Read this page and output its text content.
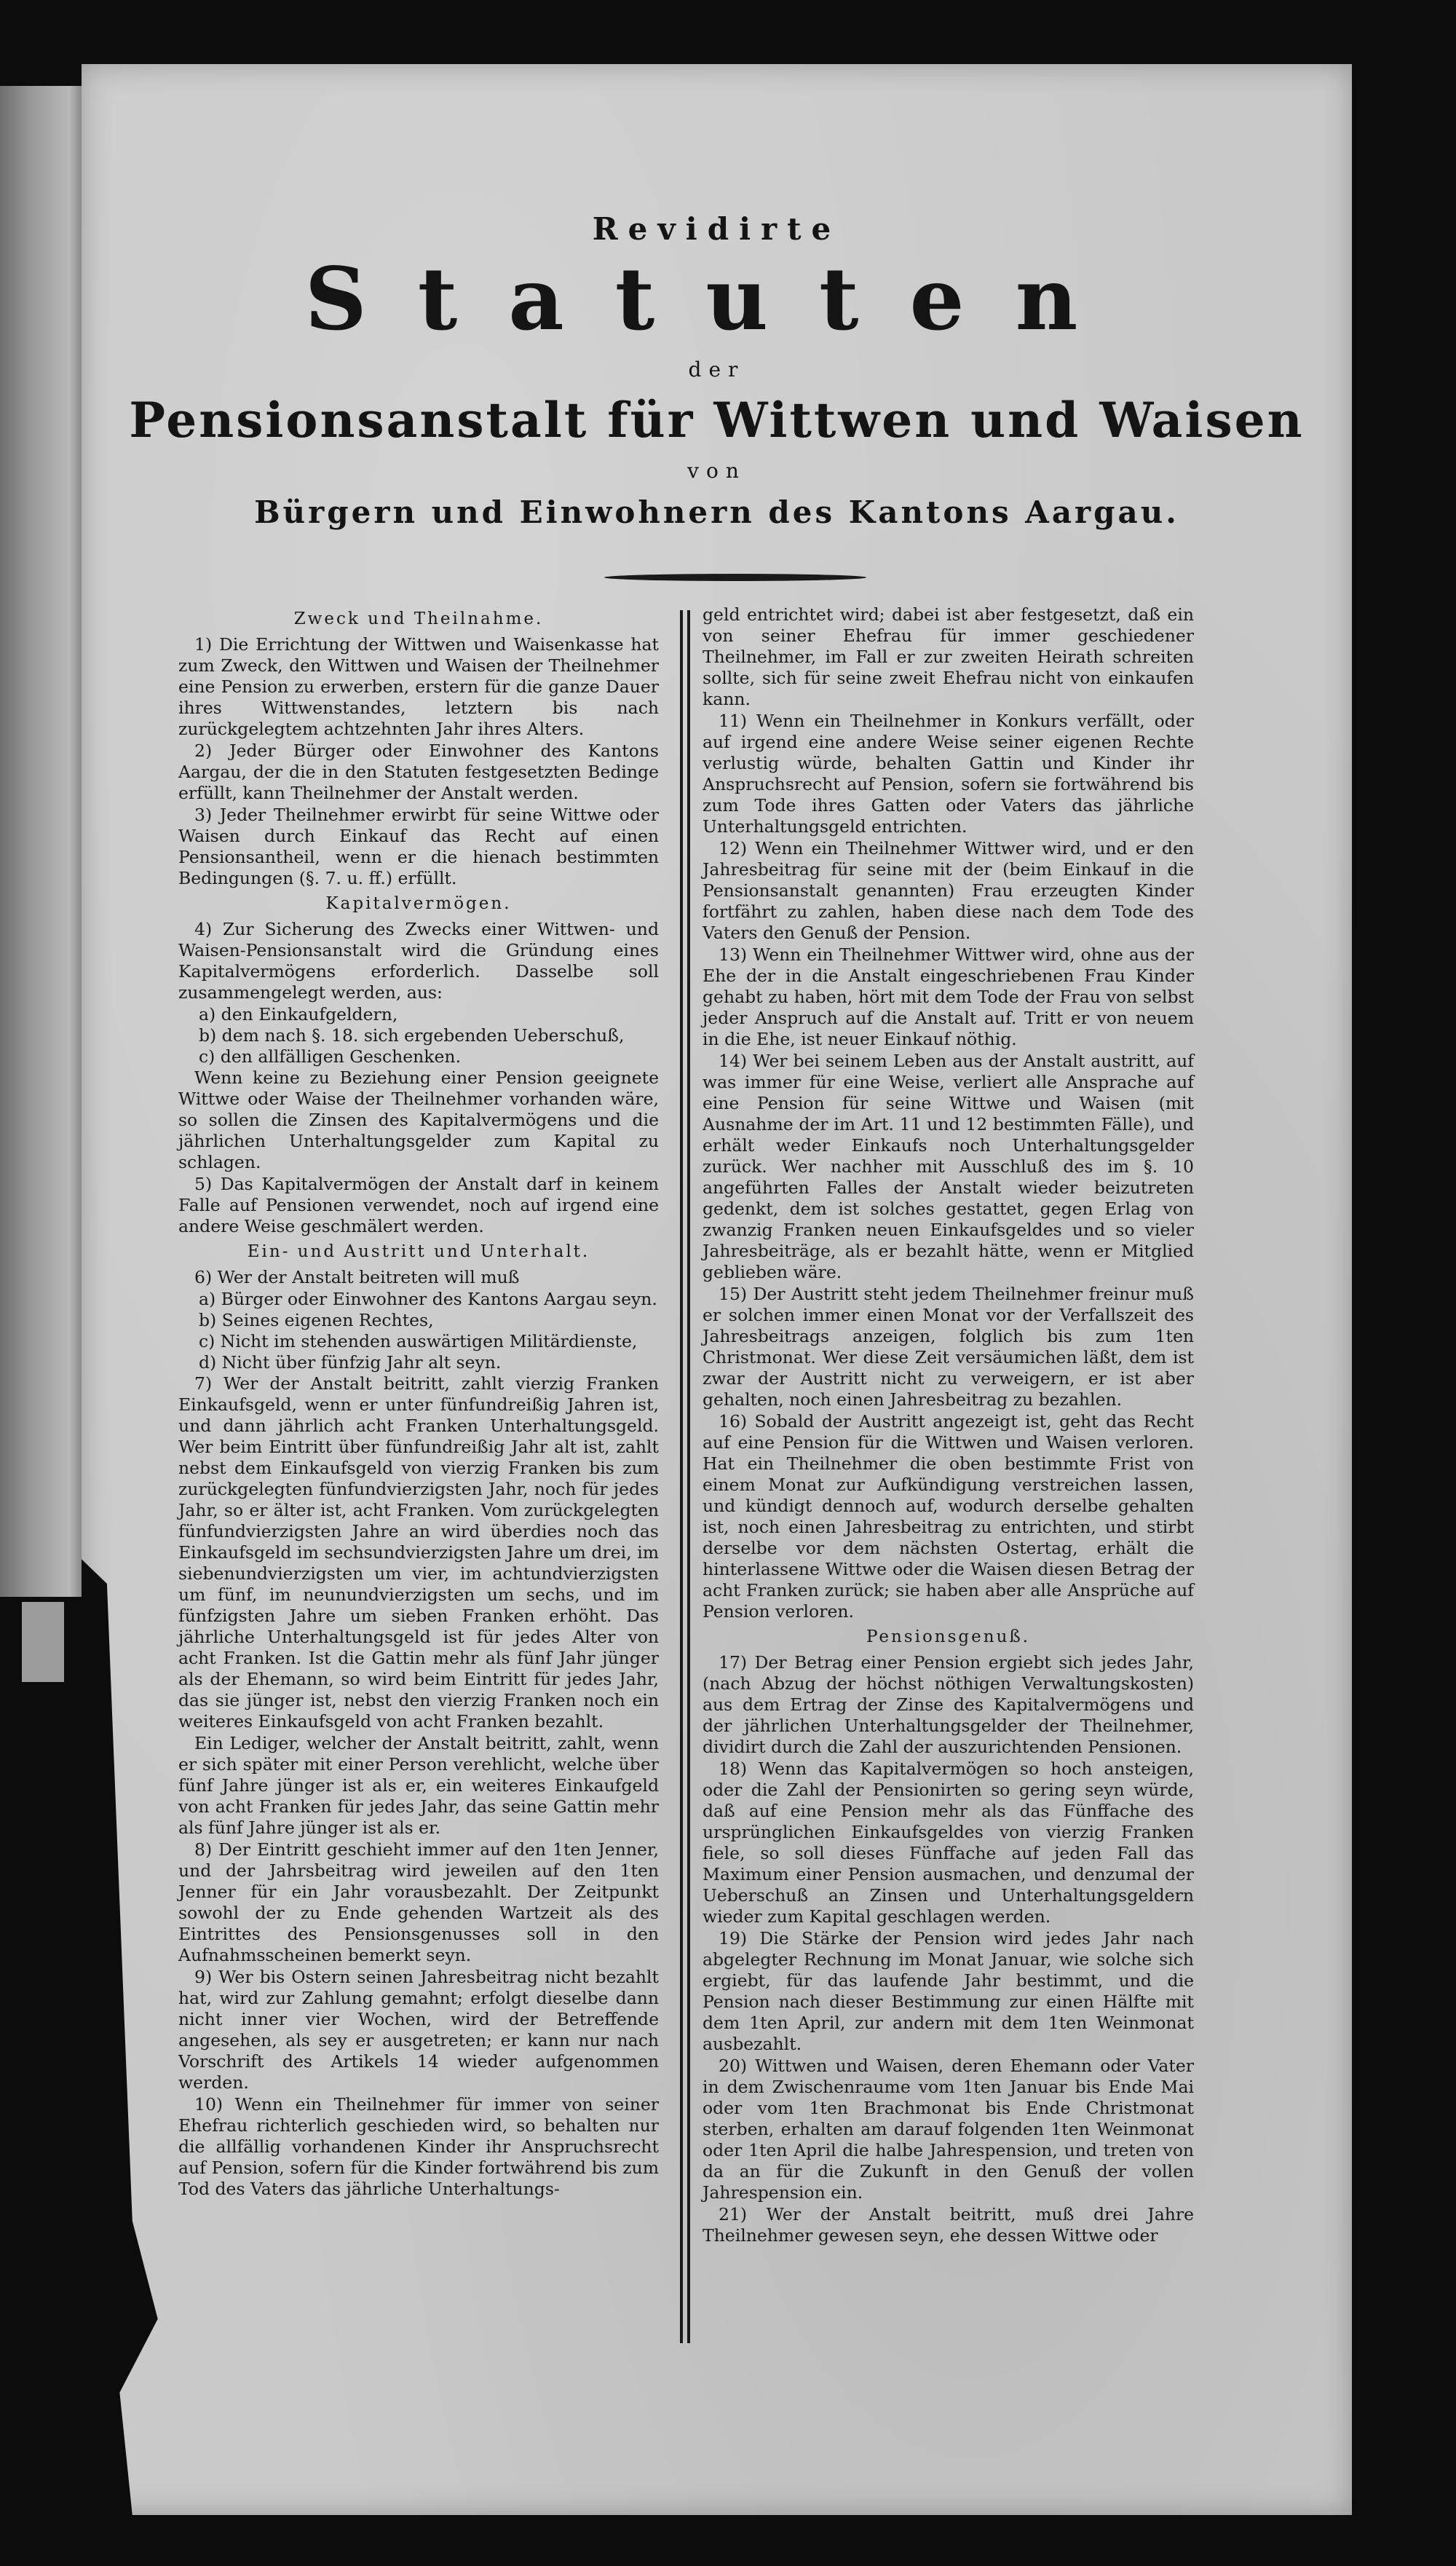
Revidirte
Statuten
der
Pensionsanstalt für Wittwen und Waisen
von
Bürgern und Einwohnern des Kantons Aargau.
Zweck und Theilnahme.

1) Die Errichtung der Wittwen und Waisenkasse hat zum Zweck, den Wittwen und Waisen der Theilnehmer eine Pension zu erwerben, erstern für die ganze Dauer ihres Wittwenstandes, letztern bis nach zurückgelegtem achtzehnten Jahr ihres Alters.

2) Jeder Bürger oder Einwohner des Kantons Aargau, der die in den Statuten festgesetzten Bedinge erfüllt, kann Theilnehmer der Anstalt werden.

3) Jeder Theilnehmer erwirbt für seine Wittwe oder Waisen durch Einkauf das Recht auf einen Pensionsantheil, wenn er die hienach bestimmten Bedingungen (§. 7. u. ff.) erfüllt.

Kapitalvermögen.

4) Zur Sicherung des Zwecks einer Wittwen- und Waisen-Pensionsanstalt wird die Gründung eines Kapitalvermögens erforderlich. Dasselbe soll zusammengelegt werden, aus:

a) den Einkaufgeldern,

b) dem nach §. 18. sich ergebenden Ueberschuß,

c) den allfälligen Geschenken.

Wenn keine zu Beziehung einer Pension geeignete Wittwe oder Waise der Theilnehmer vorhanden wäre, so sollen die Zinsen des Kapitalvermögens und die jährlichen Unterhaltungsgelder zum Kapital zu schlagen.

5) Das Kapitalvermögen der Anstalt darf in keinem Falle auf Pensionen verwendet, noch auf irgend eine andere Weise geschmälert werden.

Ein- und Austritt und Unterhalt.

6) Wer der Anstalt beitreten will muß

a) Bürger oder Einwohner des Kantons Aargau seyn.

b) Seines eigenen Rechtes,

c) Nicht im stehenden auswärtigen Militärdienste,

d) Nicht über fünfzig Jahr alt seyn.

7) Wer der Anstalt beitritt, zahlt vierzig Franken Einkaufsgeld, wenn er unter fünfundreißig Jahren ist, und dann jährlich acht Franken Unterhaltungsgeld. Wer beim Eintritt über fünfundreißig Jahr alt ist, zahlt nebst dem Einkaufsgeld von vierzig Franken bis zum zurückgelegten fünfundvierzigsten Jahr, noch für jedes Jahr, so er älter ist, acht Franken. Vom zurückgelegten fünfundvierzigsten Jahre an wird überdies noch das Einkaufsgeld im sechsundvierzigsten Jahre um drei, im siebenundvierzigsten um vier, im achtundvierzigsten um fünf, im neunundvierzigsten um sechs, und im fünfzigsten Jahre um sieben Franken erhöht. Das jährliche Unterhaltungsgeld ist für jedes Alter von acht Franken. Ist die Gattin mehr als fünf Jahr jünger als der Ehemann, so wird beim Eintritt für jedes Jahr, das sie jünger ist, nebst den vierzig Franken noch ein weiteres Einkaufsgeld von acht Franken bezahlt.

Ein Lediger, welcher der Anstalt beitritt, zahlt, wenn er sich später mit einer Person verehlicht, welche über fünf Jahre jünger ist als er, ein weiteres Einkaufgeld von acht Franken für jedes Jahr, das seine Gattin mehr als fünf Jahre jünger ist als er.

8) Der Eintritt geschieht immer auf den 1ten Jenner, und der Jahrsbeitrag wird jeweilen auf den 1ten Jenner für ein Jahr vorausbezahlt. Der Zeitpunkt sowohl der zu Ende gehenden Wartzeit als des Eintrittes des Pensionsgenusses soll in den Aufnahmsscheinen bemerkt seyn.

9) Wer bis Ostern seinen Jahresbeitrag nicht bezahlt hat, wird zur Zahlung gemahnt; erfolgt dieselbe dann nicht inner vier Wochen, wird der Betreffende angesehen, als sey er ausgetreten; er kann nur nach Vorschrift des Artikels 14 wieder aufgenommen werden.

10) Wenn ein Theilnehmer für immer von seiner Ehefrau richterlich geschieden wird, so behalten nur die allfällig vorhandenen Kinder ihr Anspruchsrecht auf Pension, sofern für die Kinder fortwährend bis zum Tod des Vaters das jährliche Unterhaltungs-

geld entrichtet wird; dabei ist aber festgesetzt, daß ein von seiner Ehefrau für immer geschiedener Theilnehmer, im Fall er zur zweiten Heirath schreiten sollte, sich für seine zweit Ehefrau nicht von einkaufen kann.

11) Wenn ein Theilnehmer in Konkurs verfällt, oder auf irgend eine andere Weise seiner eigenen Rechte verlustig würde, behalten Gattin und Kinder ihr Anspruchsrecht auf Pension, sofern sie fortwährend bis zum Tode ihres Gatten oder Vaters das jährliche Unterhaltungsgeld entrichten.

12) Wenn ein Theilnehmer Wittwer wird, und er den Jahresbeitrag für seine mit der (beim Einkauf in die Pensionsanstalt genannten) Frau erzeugten Kinder fortfährt zu zahlen, haben diese nach dem Tode des Vaters den Genuß der Pension.

13) Wenn ein Theilnehmer Wittwer wird, ohne aus der Ehe der in die Anstalt eingeschriebenen Frau Kinder gehabt zu haben, hört mit dem Tode der Frau von selbst jeder Anspruch auf die Anstalt auf. Tritt er von neuem in die Ehe, ist neuer Einkauf nöthig.

14) Wer bei seinem Leben aus der Anstalt austritt, auf was immer für eine Weise, verliert alle Ansprache auf eine Pension für seine Wittwe und Waisen (mit Ausnahme der im Art. 11 und 12 bestimmten Fälle), und erhält weder Einkaufs noch Unterhaltungsgelder zurück. Wer nachher mit Ausschluß des im §. 10 angeführten Falles der Anstalt wieder beizutreten gedenkt, dem ist solches gestattet, gegen Erlag von zwanzig Franken neuen Einkaufsgeldes und so vieler Jahresbeiträge, als er bezahlt hätte, wenn er Mitglied geblieben wäre.

15) Der Austritt steht jedem Theilnehmer freinur muß er solchen immer einen Monat vor der Verfallszeit des Jahresbeitrags anzeigen, folglich bis zum 1ten Christmonat. Wer diese Zeit versäumichen läßt, dem ist zwar der Austritt nicht zu verweigern, er ist aber gehalten, noch einen Jahresbeitrag zu bezahlen.

16) Sobald der Austritt angezeigt ist, geht das Recht auf eine Pension für die Wittwen und Waisen verloren. Hat ein Theilnehmer die oben bestimmte Frist von einem Monat zur Aufkündigung verstreichen lassen, und kündigt dennoch auf, wodurch derselbe gehalten ist, noch einen Jahresbeitrag zu entrichten, und stirbt derselbe vor dem nächsten Ostertag, erhält die hinterlassene Wittwe oder die Waisen diesen Betrag der acht Franken zurück; sie haben aber alle Ansprüche auf Pension verloren.

Pensionsgenuß.

17) Der Betrag einer Pension ergiebt sich jedes Jahr, (nach Abzug der höchst nöthigen Verwaltungskosten) aus dem Ertrag der Zinse des Kapitalvermögens und der jährlichen Unterhaltungsgelder der Theilnehmer, dividirt durch die Zahl der auszurichtenden Pensionen.

18) Wenn das Kapitalvermögen so hoch ansteigen, oder die Zahl der Pensionirten so gering seyn würde, daß auf eine Pension mehr als das Fünffache des ursprünglichen Einkaufsgeldes von vierzig Franken fiele, so soll dieses Fünffache auf jeden Fall das Maximum einer Pension ausmachen, und denzumal der Ueberschuß an Zinsen und Unterhaltungsgeldern wieder zum Kapital geschlagen werden.

19) Die Stärke der Pension wird jedes Jahr nach abgelegter Rechnung im Monat Januar, wie solche sich ergiebt, für das laufende Jahr bestimmt, und die Pension nach dieser Bestimmung zur einen Hälfte mit dem 1ten April, zur andern mit dem 1ten Weinmonat ausbezahlt.

20) Wittwen und Waisen, deren Ehemann oder Vater in dem Zwischenraume vom 1ten Januar bis Ende Mai oder vom 1ten Brachmonat bis Ende Christmonat sterben, erhalten am darauf folgenden 1ten Weinmonat oder 1ten April die halbe Jahrespension, und treten von da an für die Zukunft in den Genuß der vollen Jahrespension ein.

21) Wer der Anstalt beitritt, muß drei Jahre Theilnehmer gewesen seyn, ehe dessen Wittwe oder
